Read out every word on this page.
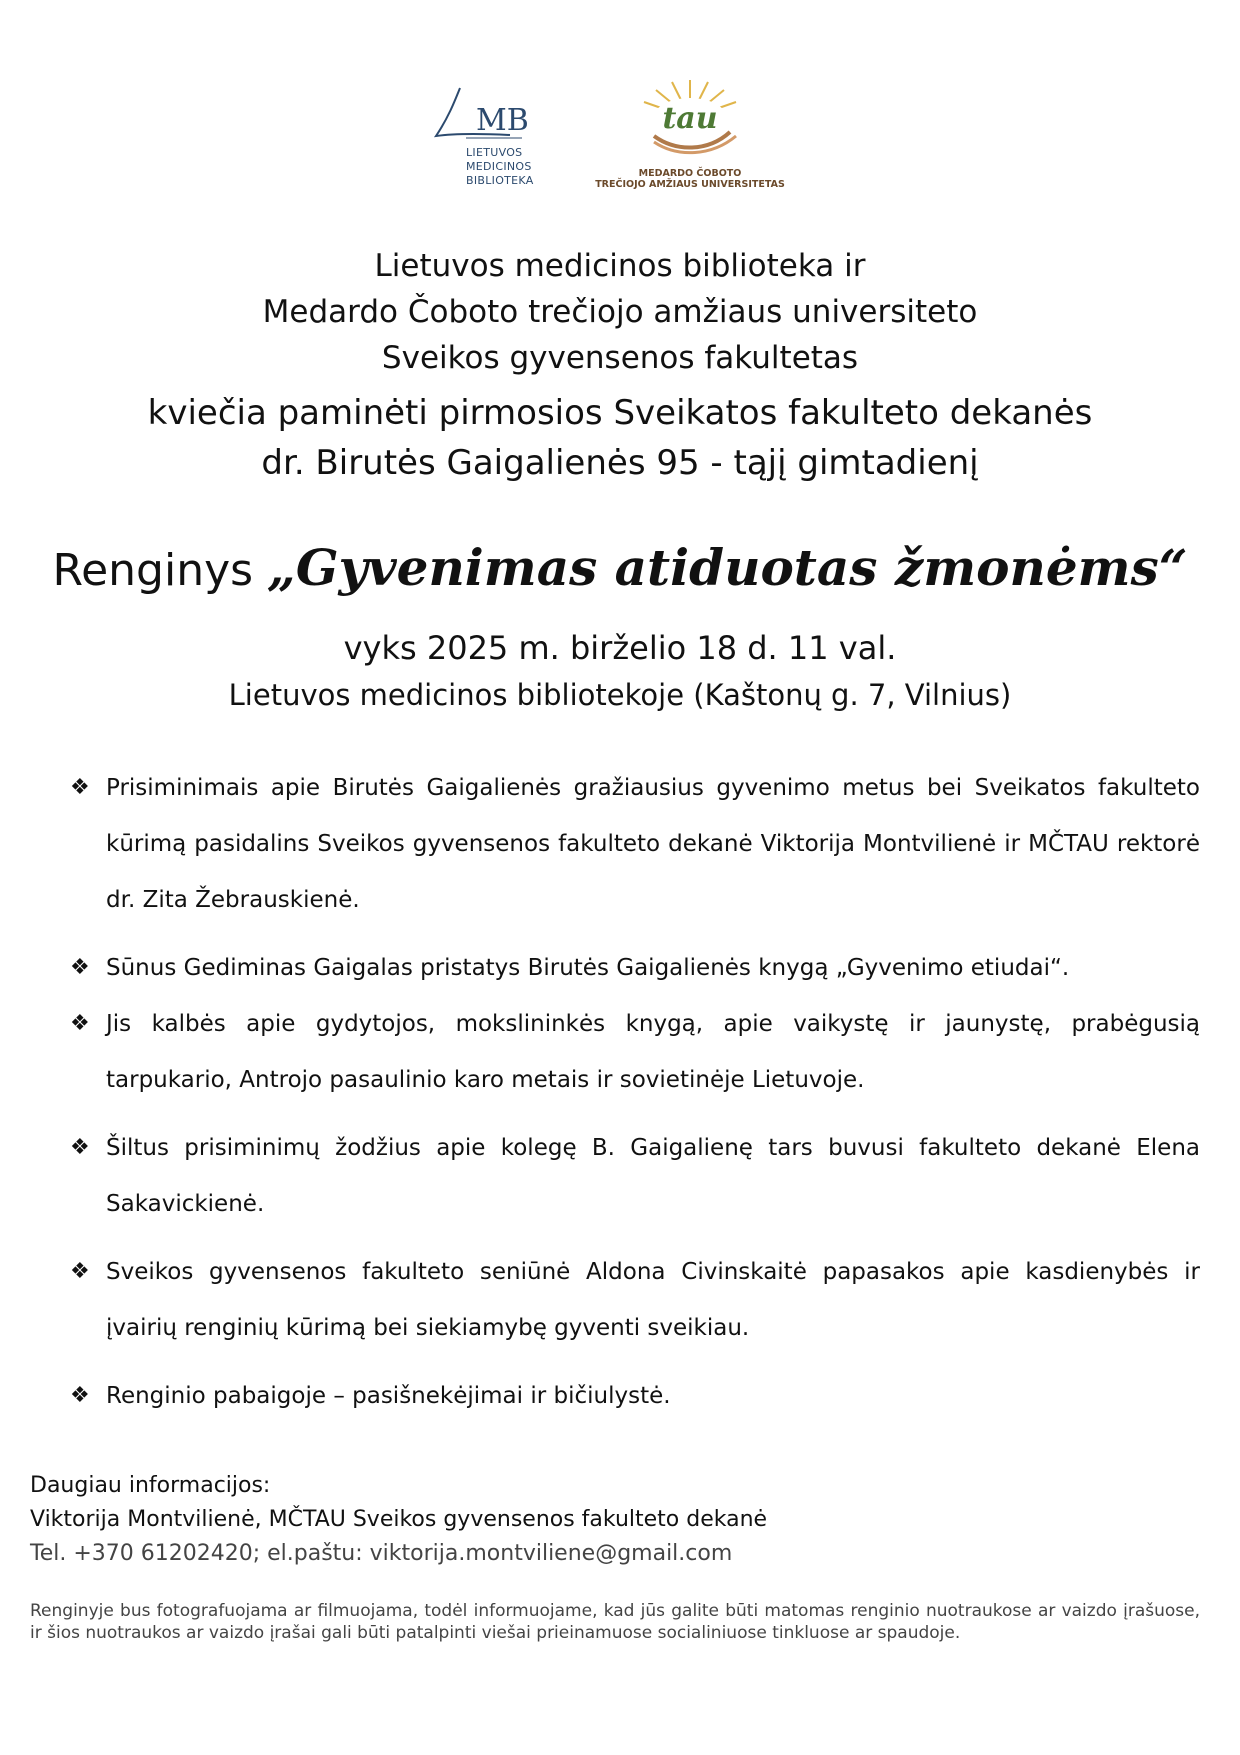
MB
LIETUVOS
MEDICINOS
BIBLIOTEKA
tau
MEDARDO ČOBOTO
TREČIOJO AMŽIAUS UNIVERSITETAS
Lietuvos medicinos biblioteka ir
Medardo Čoboto trečiojo amžiaus universiteto
Sveikos gyvensenos fakultetas
kviečia paminėti pirmosios Sveikatos fakulteto dekanės
dr. Birutės Gaigalienės 95 - tąjį gimtadienį
Renginys „Gyvenimas atiduotas žmonėms“
vyks 2025 m. birželio 18 d. 11 val.
Lietuvos medicinos bibliotekoje (Kaštonų g. 7, Vilnius)
❖ Prisiminimais apie Birutės Gaigalienės gražiausius gyvenimo metus bei Sveikatos fakulteto kūrimą pasidalins Sveikos gyvensenos fakulteto dekanė Viktorija Montvilienė ir MČTAU rektorė dr. Zita Žebrauskienė.
❖ Sūnus Gediminas Gaigalas pristatys Birutės Gaigalienės knygą „Gyvenimo etiudai“.
❖ Jis kalbės apie gydytojos, mokslininkės knygą, apie vaikystę ir jaunystę, prabėgusią tarpukario, Antrojo pasaulinio karo metais ir sovietinėje Lietuvoje.
❖ Šiltus prisiminimų žodžius apie kolegę B. Gaigalienę tars buvusi fakulteto dekanė Elena Sakavickienė.
❖ Sveikos gyvensenos fakulteto seniūnė Aldona Civinskaitė papasakos apie kasdienybės ir įvairių renginių kūrimą bei siekiamybę gyventi sveikiau.
❖ Renginio pabaigoje – pasišnekėjimai ir bičiulystė.
Daugiau informacijos:
Viktorija Montvilienė, MČTAU Sveikos gyvensenos fakulteto dekanė
Tel. +370 61202420; el.paštu: viktorija.montviliene@gmail.com
Renginyje bus fotografuojama ar filmuojama, todėl informuojame, kad jūs galite būti matomas renginio nuotraukose ar vaizdo įrašuose, ir šios nuotraukos ar vaizdo įrašai gali būti patalpinti viešai prieinamuose socialiniuose tinkluose ar spaudoje.
